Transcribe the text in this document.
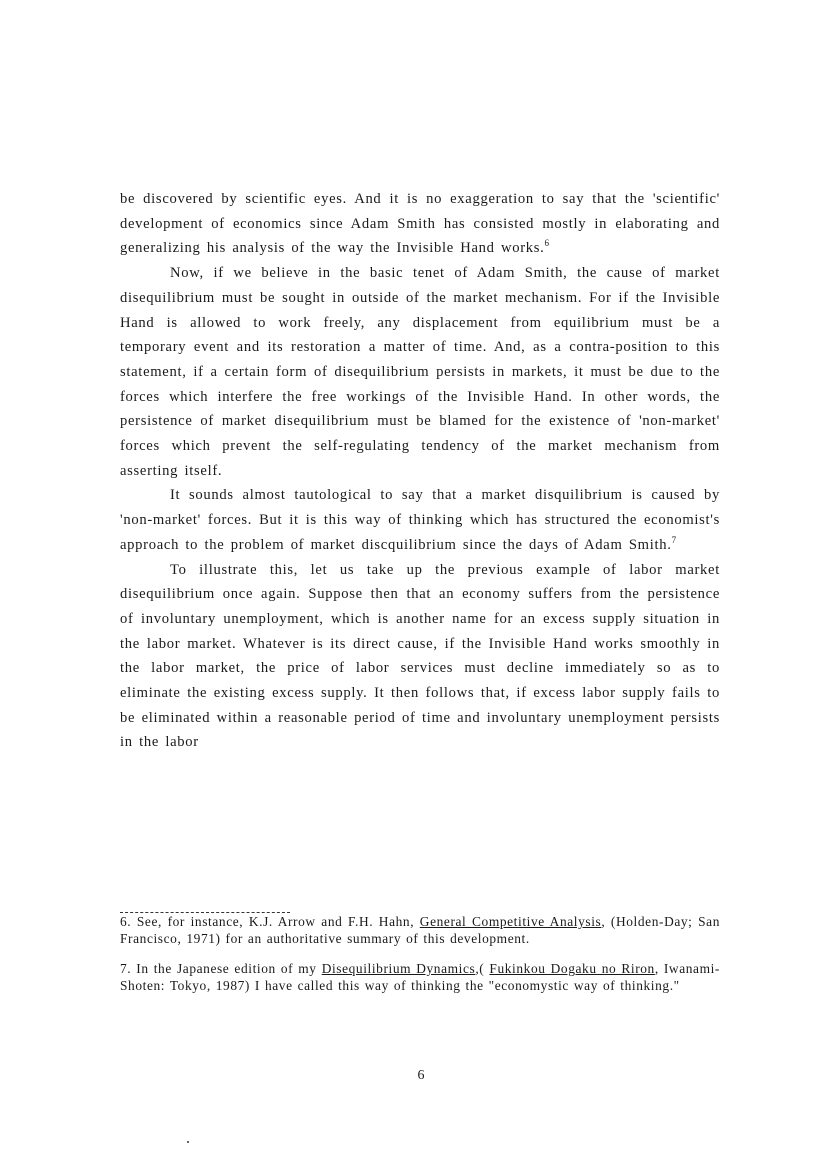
be discovered by scientific eyes. And it is no exaggeration to say that the 'scientific' development of economics since Adam Smith has consisted mostly in elaborating and generalizing his analysis of the way the Invisible Hand works.$^6$

Now, if we believe in the basic tenet of Adam Smith, the cause of market disequilibrium must be sought in outside of the market mechanism. For if the Invisible Hand is allowed to work freely, any displacement from equilibrium must be a temporary event and its restoration a matter of time. And, as a contra-position to this statement, if a certain form of disequilibrium persists in markets, it must be due to the forces which interfere the free workings of the Invisible Hand. In other words, the persistence of market disequilibrium must be blamed for the existence of 'non-market' forces which prevent the self-regulating tendency of the market mechanism from asserting itself.

It sounds almost tautological to say that a market disquilibrium is caused by 'non-market' forces. But it is this way of thinking which has structured the economist's approach to the problem of market discquilibrium since the days of Adam Smith.$^7$

To illustrate this, let us take up the previous example of labor market disequilibrium once again. Suppose then that an economy suffers from the persistence of involuntary unemployment, which is another name for an excess supply situation in the labor market. Whatever is its direct cause, if the Invisible Hand works smoothly in the labor market, the price of labor services must decline immediately so as to eliminate the existing excess supply. It then follows that, if excess labor supply fails to be eliminated within a reasonable period of time and involuntary unemployment persists in the labor

6. See, for instance, K.J. Arrow and F.H. Hahn, General Competitive Analysis, (Holden-Day; San Francisco, 1971) for an authoritative summary of this development.

7. In the Japanese edition of my Disequilibrium Dynamics,( Fukinkou Dogaku no Riron, Iwanami-Shoten: Tokyo, 1987) I have called this way of thinking the "economystic way of thinking."

6
